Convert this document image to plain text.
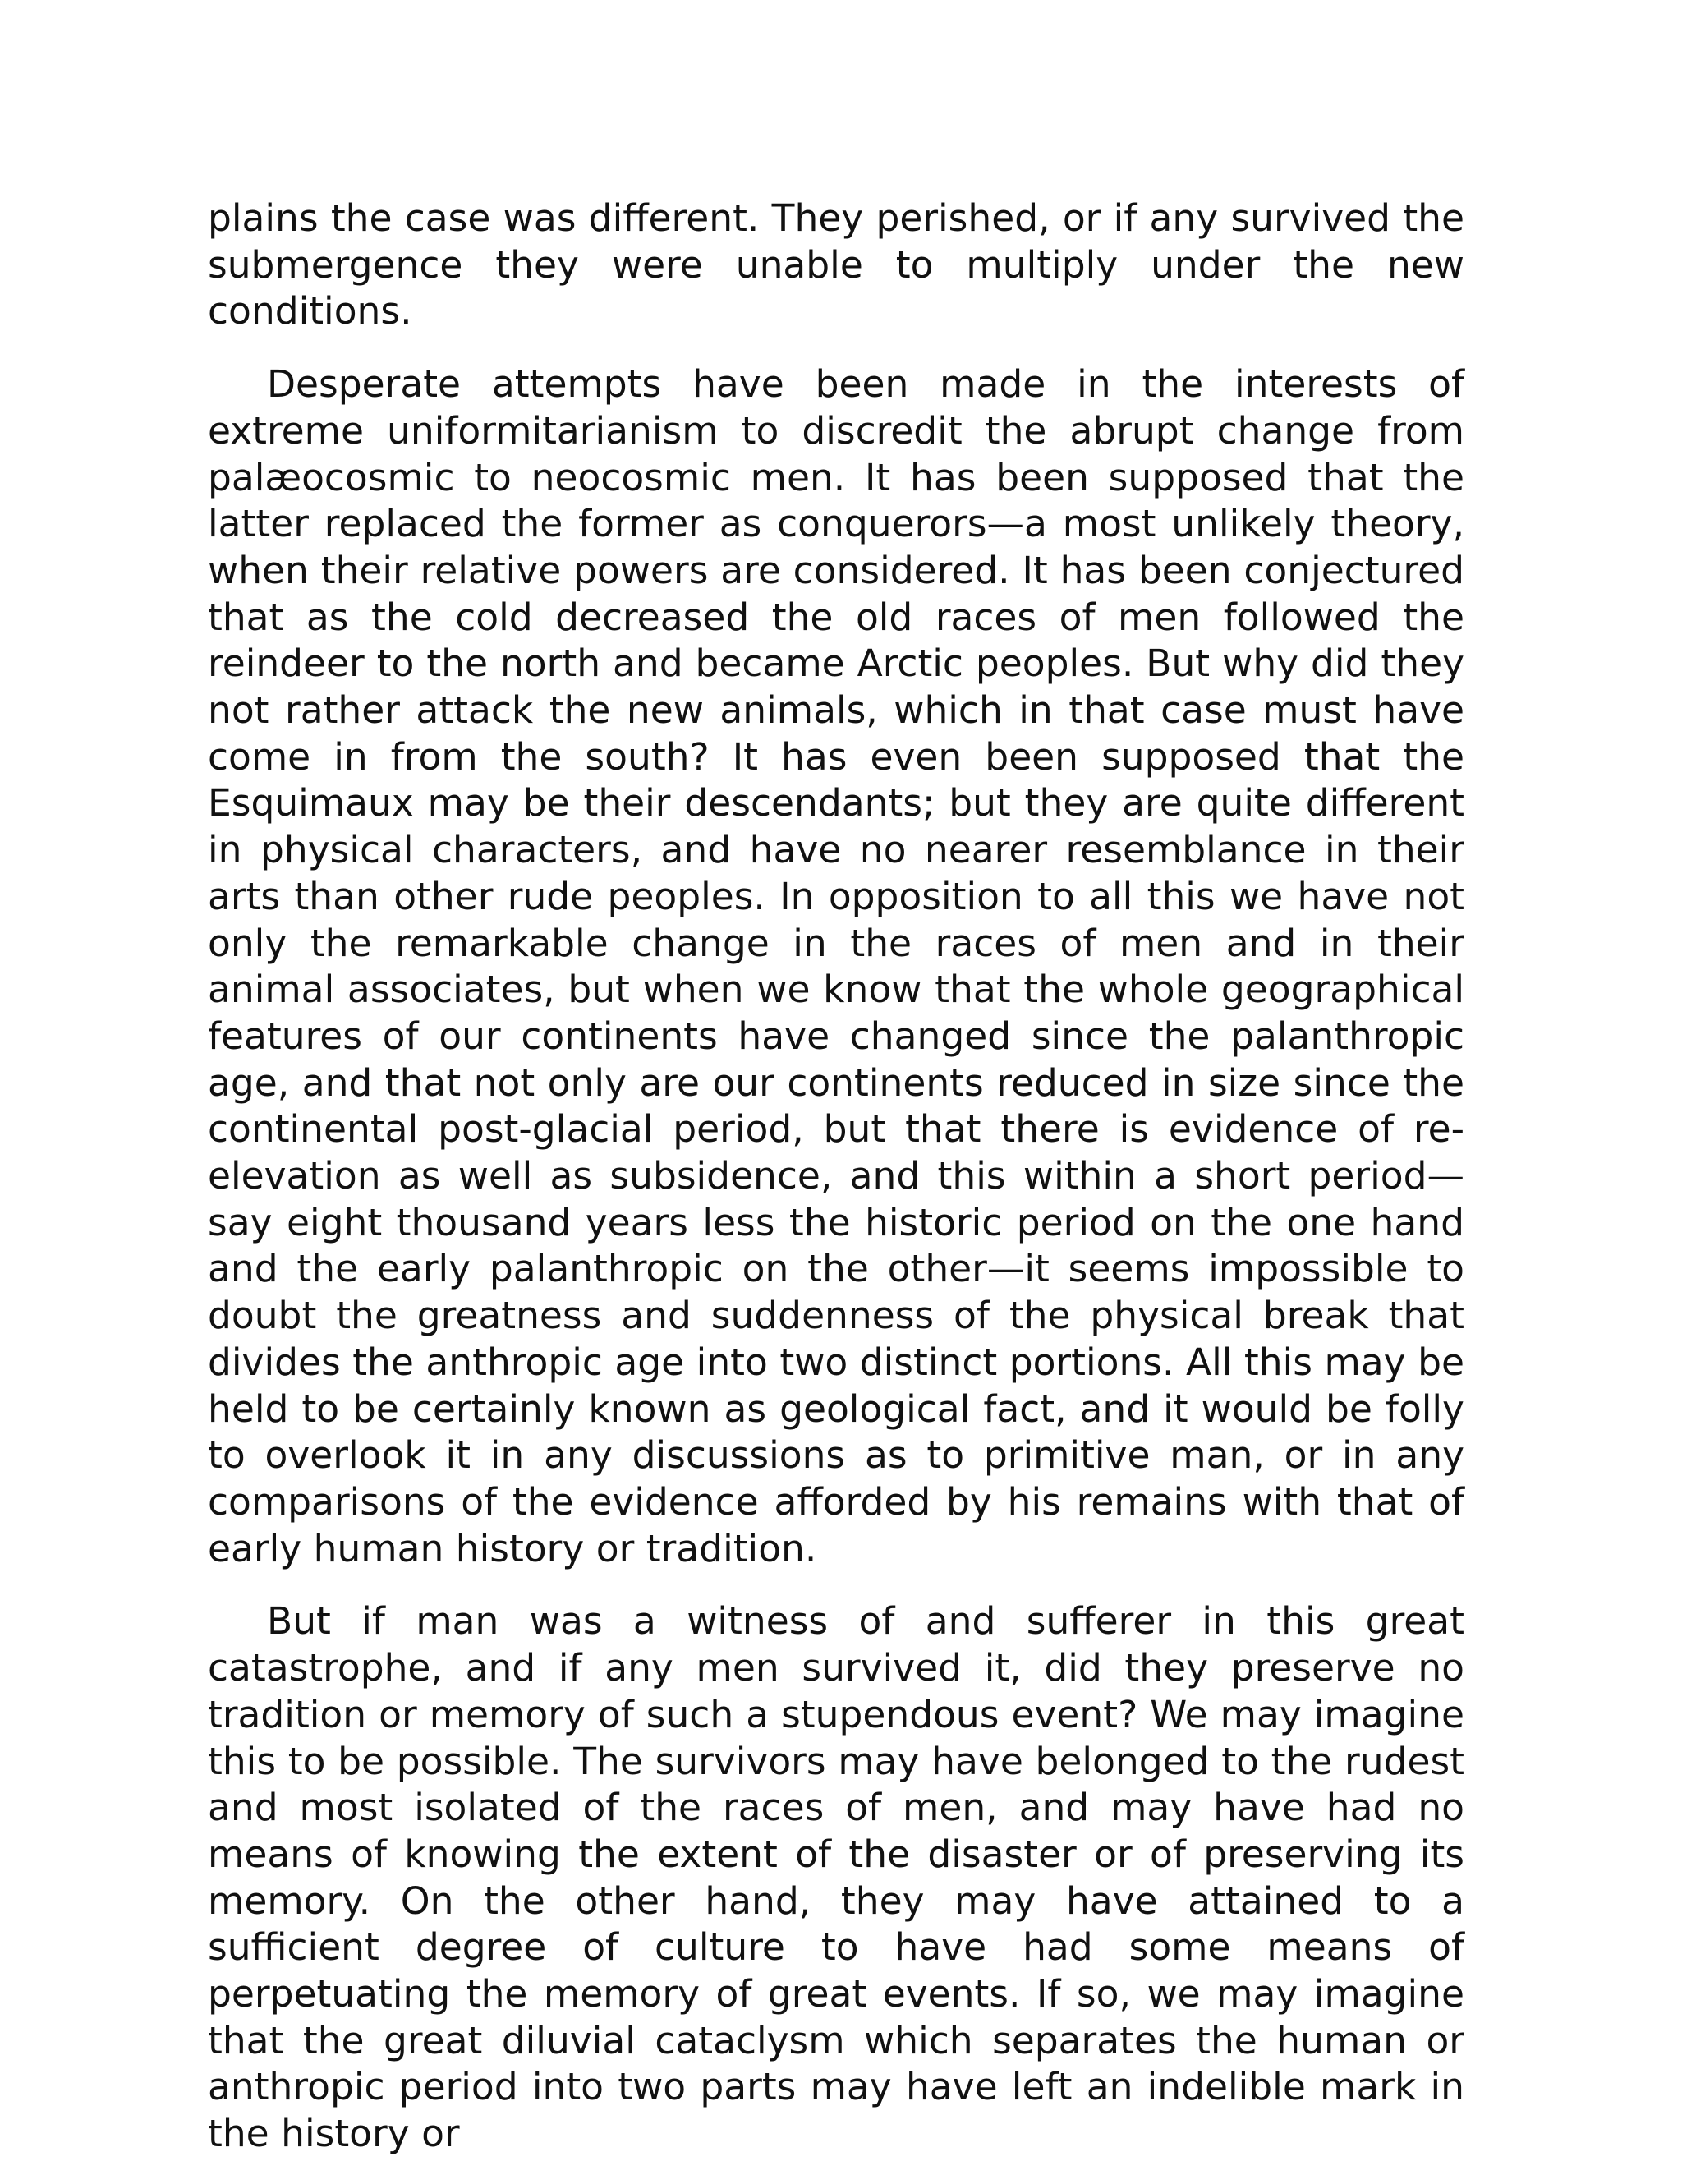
plains the case was different. They perished, or if any survived the submergence they were unable to multiply under the new conditions.

Desperate attempts have been made in the interests of extreme uniformitarianism to discredit the abrupt change from palæocosmic to neocosmic men. It has been supposed that the latter replaced the former as conquerors—a most unlikely theory, when their relative powers are considered. It has been conjectured that as the cold decreased the old races of men followed the reindeer to the north and became Arctic peoples. But why did they not rather attack the new animals, which in that case must have come in from the south? It has even been supposed that the Esquimaux may be their descendants; but they are quite different in physical characters, and have no nearer resemblance in their arts than other rude peoples. In opposition to all this we have not only the remarkable change in the races of men and in their animal associates, but when we know that the whole geographical features of our continents have changed since the palanthropic age, and that not only are our continents reduced in size since the continental post-glacial period, but that there is evidence of re-elevation as well as subsidence, and this within a short period—say eight thousand years less the historic period on the one hand and the early palanthropic on the other—it seems impossible to doubt the greatness and suddenness of the physical break that divides the anthropic age into two distinct portions. All this may be held to be certainly known as geological fact, and it would be folly to overlook it in any discussions as to primitive man, or in any comparisons of the evidence afforded by his remains with that of early human history or tradition.

But if man was a witness of and sufferer in this great catastrophe, and if any men survived it, did they preserve no tradition or memory of such a stupendous event? We may imagine this to be possible. The survivors may have belonged to the rudest and most isolated of the races of men, and may have had no means of knowing the extent of the disaster or of preserving its memory. On the other hand, they may have attained to a sufficient degree of culture to have had some means of perpetuating the memory of great events. If so, we may imagine that the great diluvial cataclysm which separates the human or anthropic period into two parts may have left an indelible mark in the history or
